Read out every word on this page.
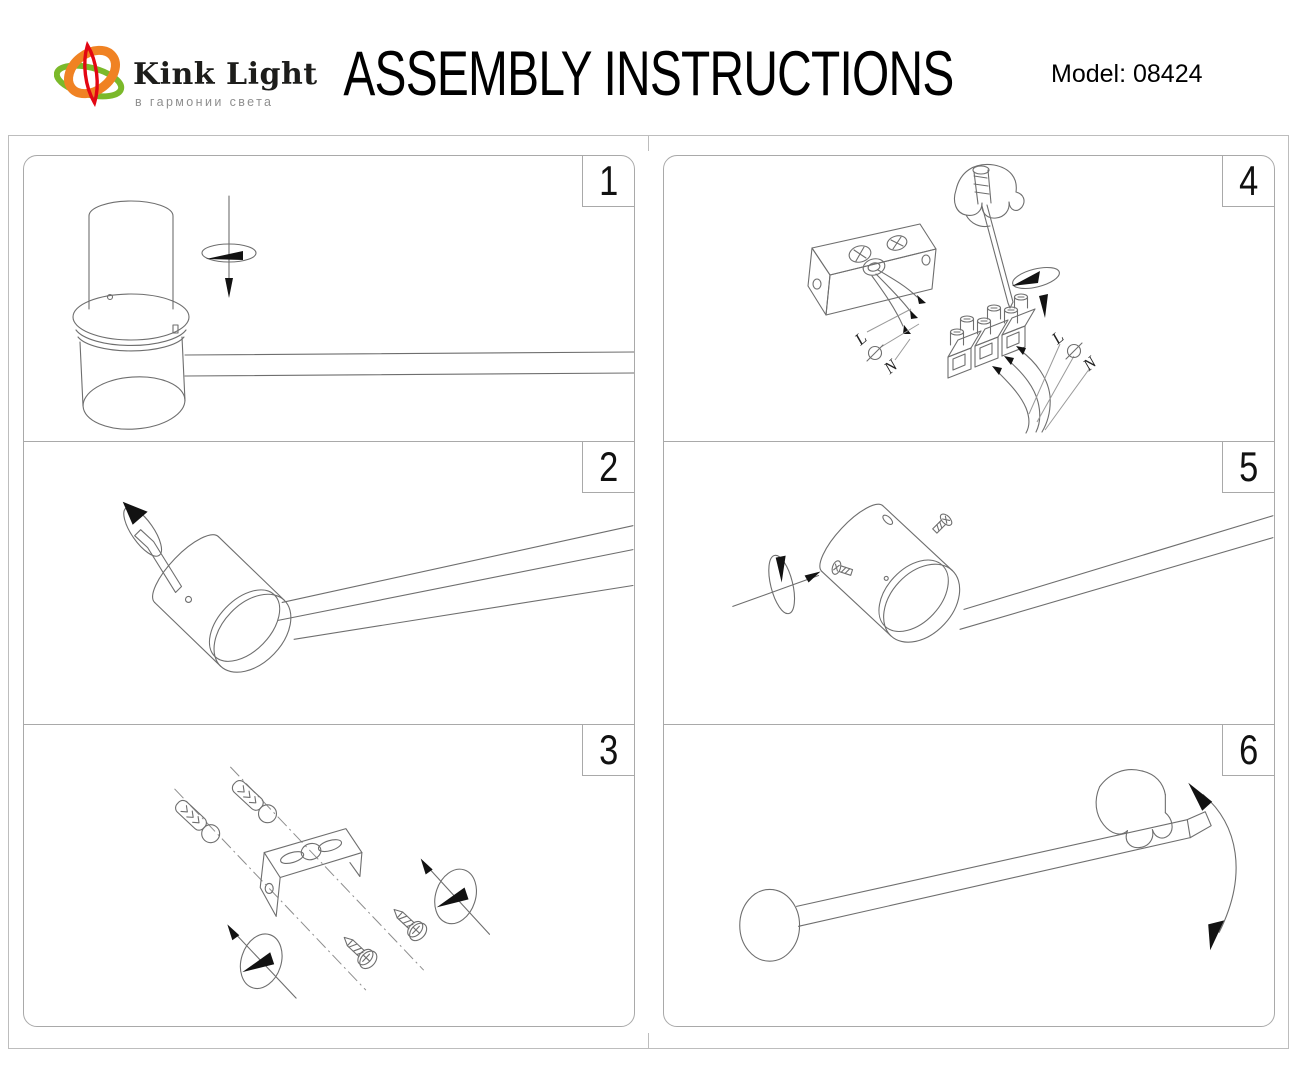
Kink Light
в гармонии света	ASSEMBLY INSTRUCTIONS	Model: 08424
1
2
3
L
N
L
N
4
5
6
